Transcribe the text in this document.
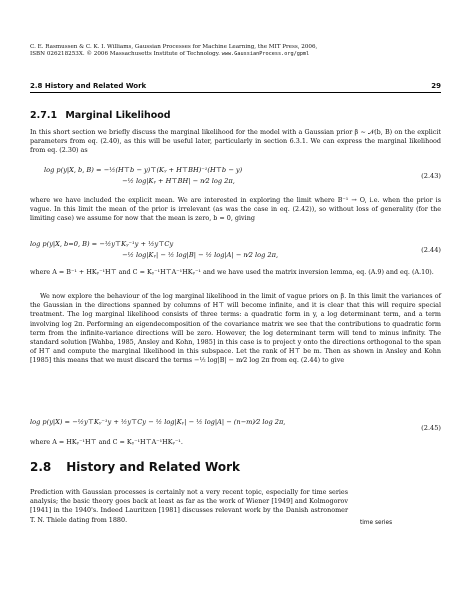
C. E. Rasmussen & C. K. I. Williams, Gaussian Processes for Machine Learning, the MIT Press, 2006,
ISBN 026218253X. © 2006 Massachusetts Institute of Technology. www.GaussianProcess.org/gpml
2.8 History and Related Work	29
2.7.1 Marginal Likelihood
In this short section we briefly discuss the marginal likelihood for the model with a Gaussian prior β ~ 𝒩(b, B) on the explicit parameters from eq. (2.40), as this will be useful later, particularly in section 6.3.1. We can express the marginal likelihood from eq. (2.30) as
log p(y|X, b, B) = −½(H⊤b − y)⊤(Kᵧ + H⊤BH)⁻¹(H⊤b − y)
−½ log|Kᵧ + H⊤BH| − n⁄2 log 2π,
(2.43)
where we have included the explicit mean. We are interested in exploring the limit where B⁻¹ → O, i.e. when the prior is vague. In this limit the mean of the prior is irrelevant (as was the case in eq. (2.42)), so without loss of generality (for the limiting case) we assume for now that the mean is zero, b = 0, giving
log p(y|X, b=0, B) = −½y⊤Kᵧ⁻¹y + ½y⊤Cy
−½ log|Kᵧ| − ½ log|B| − ½ log|A| − n⁄2 log 2π,
(2.44)
where A = B⁻¹ + HKᵧ⁻¹H⊤ and C = Kᵧ⁻¹H⊤A⁻¹HKᵧ⁻¹ and we have used the matrix inversion lemma, eq. (A.9) and eq. (A.10).
We now explore the behaviour of the log marginal likelihood in the limit of vague priors on β. In this limit the variances of the Gaussian in the directions spanned by columns of H⊤ will become infinite, and it is clear that this will require special treatment. The log marginal likelihood consists of three terms: a quadratic form in y, a log determinant term, and a term involving log 2π. Performing an eigendecomposition of the covariance matrix we see that the contributions to quadratic form term from the infinite-variance directions will be zero. However, the log determinant term will tend to minus infinity. The standard solution [Wahba, 1985, Ansley and Kohn, 1985] in this case is to project y onto the directions orthogonal to the span of H⊤ and compute the marginal likelihood in this subspace. Let the rank of H⊤ be m. Then as shown in Ansley and Kohn [1985] this means that we must discard the terms −½ log|B| − m⁄2 log 2π from eq. (2.44) to give
log p(y|X) = −½y⊤Kᵧ⁻¹y + ½y⊤Cy − ½ log|Kᵧ| − ½ log|A| − (n−m)⁄2 log 2π,
(2.45)
where A = HKᵧ⁻¹H⊤ and C = Kᵧ⁻¹H⊤A⁻¹HKᵧ⁻¹.
2.8 History and Related Work
Prediction with Gaussian processes is certainly not a very recent topic, especially for time series analysis; the basic theory goes back at least as far as the work of Wiener [1949] and Kolmogorov [1941] in the 1940's. Indeed Lauritzen [1981] discusses relevant work by the Danish astronomer T. N. Thiele dating from 1880.	time series
